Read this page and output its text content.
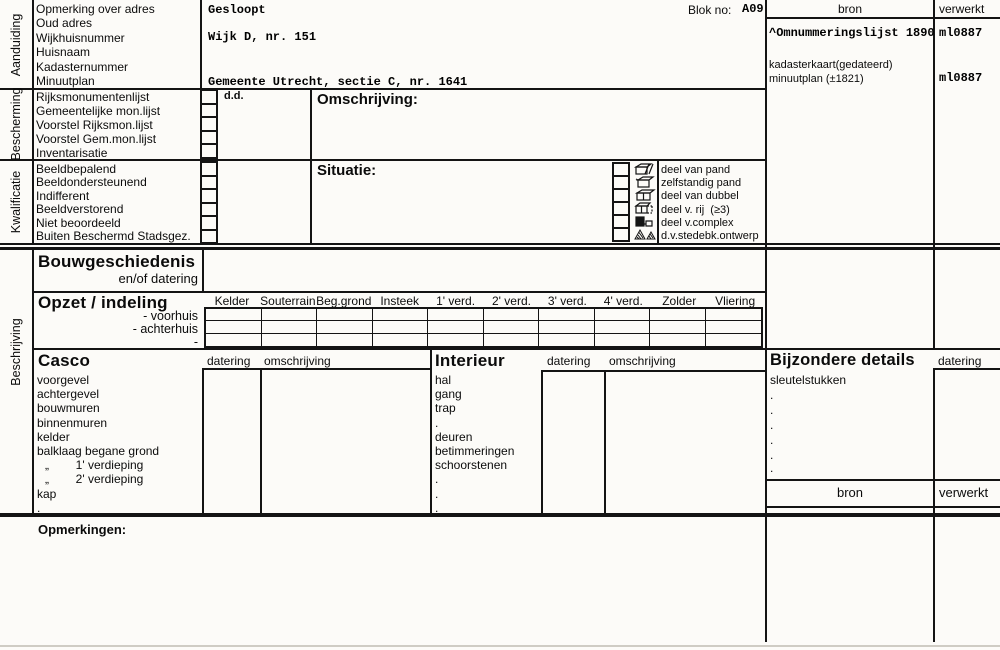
Aanduiding
Bescherming
Kwalificatie
Beschrijving
Blok no: A09	bron	verwerkt
^Omnummeringslijst 1890 ml0887
kadasterkaart(gedateerd)
minuutplan (±1821)	ml0887
Opmerking over adres
Oud adres
Wijkhuisnummer
Huisnaam
Kadasternummer
Minuutplan
Gesloopt
Wijk D, nr. 151
Gemeente Utrecht, sectie C, nr. 1641
Rijksmonumentenlijst
Gemeentelijke mon.lijst
Voorstel Rijksmon.lijst
Voorstel Gem.mon.lijst
Inventarisatie
d.d.	Omschrijving:
Beeldbepalend
Beeldondersteunend
Indifferent
Beeldverstorend
Niet beoordeeld
Buiten Beschermd Stadsgez.
Situatie:	deel van pand
zelfstandig pand
deel van dubbel
deel v. rij  (≥3)
deel v.complex
d.v.stedebk.ontwerp
Bouwgeschiedenis
en/of datering
Opzet / indeling
- voorhuis
- achterhuis
-
Kelder Souterrain Beg.grond Insteek	1' verd.	2' verd.	3' verd.	4' verd.	Zolder	Vliering
Casco	datering omschrijving
voorgevel
achtergevel
bouwmuren
binnenmuren
kelder
balklaag begane grond
„        1' verdieping
„        2' verdieping
kap
.
Interieur	datering omschrijving
hal
gang
trap
.
deuren
betimmeringen
schoorstenen
.
.
.
Bijzondere details datering
sleutelstukken
.
.
.
.
.
.
bron	verwerkt
Opmerkingen:
